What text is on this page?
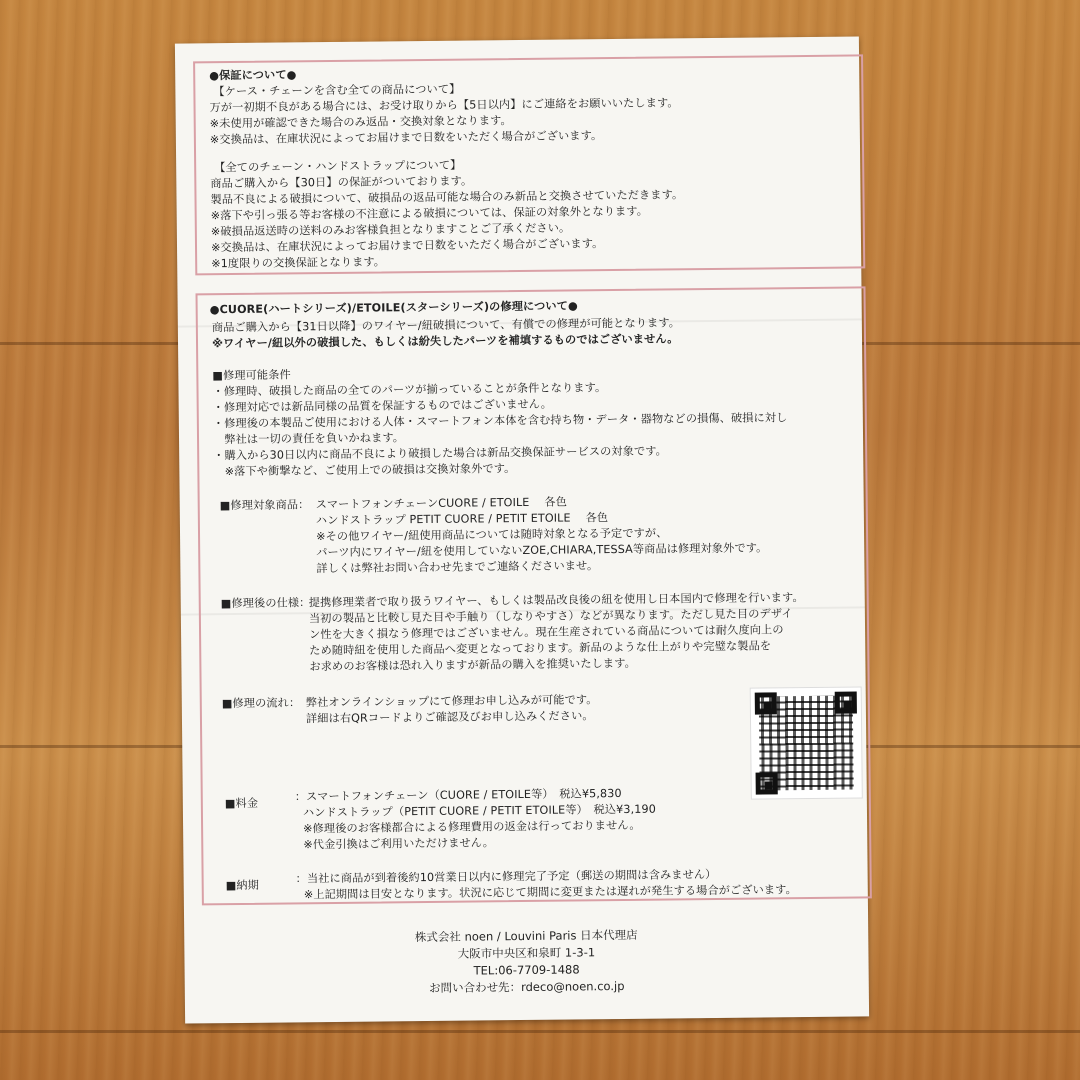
●保証について●
【ケース・チェーンを含む全ての商品について】
万が一初期不良がある場合には、お受け取りから【5日以内】にご連絡をお願いいたします。
※未使用が確認できた場合のみ返品・交換対象となります。
※交換品は、在庫状況によってお届けまで日数をいただく場合がございます。
【全てのチェーン・ハンドストラップについて】
商品ご購入から【30日】の保証がついております。
製品不良による破損について、破損品の返品可能な場合のみ新品と交換させていただきます。
※落下や引っ張る等お客様の不注意による破損については、保証の対象外となります。
※破損品返送時の送料のみお客様負担となりますことご了承ください。
※交換品は、在庫状況によってお届けまで日数をいただく場合がございます。
※1度限りの交換保証となります。
●CUORE(ハートシリーズ)/ETOILE(スターシリーズ)の修理について●
商品ご購入から【31日以降】のワイヤー/紐破損について、有償での修理が可能となります。
※ワイヤー/紐以外の破損した、もしくは紛失したパーツを補填するものではございません。
■修理可能条件
・修理時、破損した商品の全てのパーツが揃っていることが条件となります。
・修理対応では新品同様の品質を保証するものではございません。
・修理後の本製品ご使用における人体・スマートフォン本体を含む持ち物・データ・器物などの損傷、破損に対し
　弊社は一切の責任を負いかねます。
・購入から30日以内に商品不良により破損した場合は新品交換保証サービスの対象です。
　※落下や衝撃など、ご使用上での破損は交換対象外です。
■修理対象商品： スマートフォンチェーンCUORE / ETOILE　 各色
ハンドストラップ PETIT CUORE / PETIT ETOILE　 各色
※その他ワイヤー/紐使用商品については随時対象となる予定ですが、
パーツ内にワイヤー/紐を使用していないZOE,CHIARA,TESSA等商品は修理対象外です。
詳しくは弊社お問い合わせ先までご連絡くださいませ。
■修理後の仕様：
提携修理業者で取り扱うワイヤー、もしくは製品改良後の紐を使用し日本国内で修理を行います。
当初の製品と比較し見た目や手触り（しなりやすさ）などが異なります。ただし見た目のデザイ
ン性を大きく損なう修理ではございません。現在生産されている商品については耐久度向上の
ため随時紐を使用した商品へ変更となっております。新品のような仕上がりや完璧な製品を
お求めのお客様は恐れ入りますが新品の購入を推奨いたします。
■修理の流れ： 弊社オンラインショップにて修理お申し込みが可能です。
詳細は右QRコードよりご確認及びお申し込みください。
■料金
：スマートフォンチェーン（CUORE / ETOILE等）　税込¥5,830
ハンドストラップ（PETIT CUORE / PETIT ETOILE等）　税込¥3,190
※修理後のお客様都合による修理費用の返金は行っておりません。
※代金引換はご利用いただけません。
■納期
：当社に商品が到着後約10営業日以内に修理完了予定（郵送の期間は含みません）
※上記期間は目安となります。状況に応じて期間に変更または遅れが発生する場合がございます。
株式会社 noen / Louvini Paris 日本代理店
大阪市中央区和泉町 1-3-1
TEL:06-7709-1488
お問い合わせ先：rdeco@noen.co.jp
